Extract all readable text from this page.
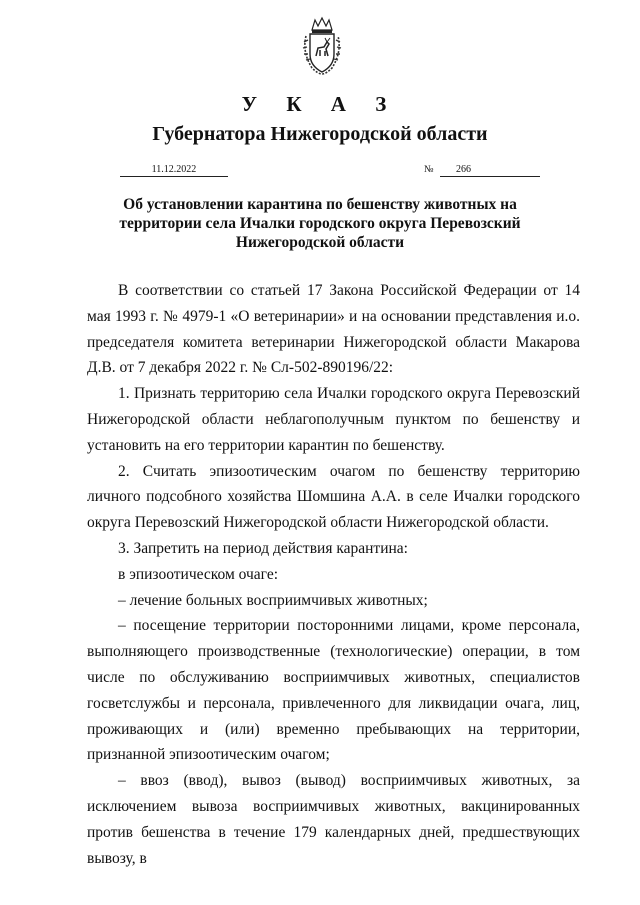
У К А З
Губернатора Нижегородской области
11.12.2022	№ 266
Об установлении карантина по бешенству животных на территории села Ичалки городского округа Перевозский Нижегородской области

В соответствии со статьей 17 Закона Российской Федерации от 14 мая 1993 г. № 4979-1 «О ветеринарии» и на основании представления и.о. председателя комитета ветеринарии Нижегородской области Макарова Д.В. от 7 декабря 2022 г. № Сл-502-890196/22:

1. Признать территорию села Ичалки городского округа Перевозский Нижегородской области неблагополучным пунктом по бешенству и установить на его территории карантин по бешенству.

2. Считать эпизоотическим очагом по бешенству территорию личного подсобного хозяйства Шомшина А.А. в селе Ичалки городского округа Перевозский Нижегородской области Нижегородской области.

3. Запретить на период действия карантина:

в эпизоотическом очаге:

– лечение больных восприимчивых животных;

– посещение территории посторонними лицами, кроме персонала, выполняющего производственные (технологические) операции, в том числе по обслуживанию восприимчивых животных, специалистов госветслужбы и персонала, привлеченного для ликвидации очага, лиц, проживающих и (или) временно пребывающих на территории, признанной эпизоотическим очагом;

– ввоз (ввод), вывоз (вывод) восприимчивых животных, за исключением вывоза восприимчивых животных, вакцинированных против бешенства в течение 179 календарных дней, предшествующих вывозу, в
